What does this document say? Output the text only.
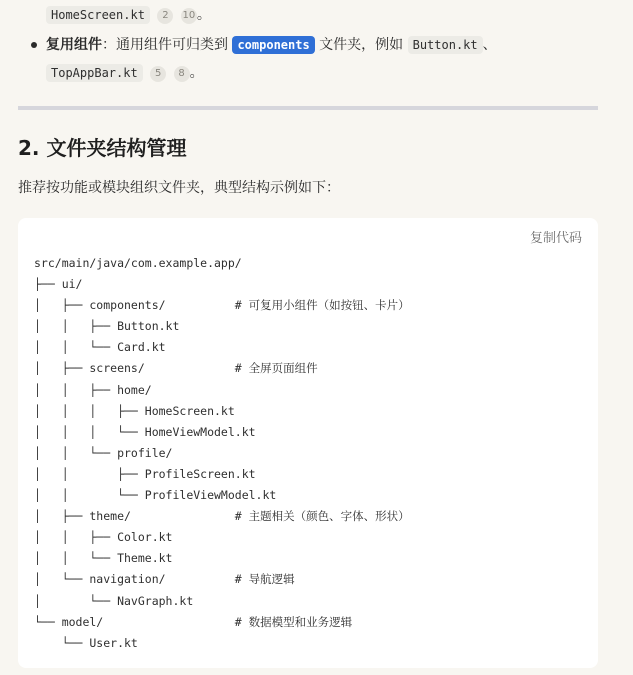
HomeScreen.kt 2 10 。
复用组件：通用组件可归类到 components 文件夹，例如 Button.kt 、
TopAppBar.kt 5 8 。
2. 文件夹结构管理
推荐按功能或模块组织文件夹，典型结构示例如下：
复制代码
src/main/java/com.example.app/
├── ui/
│   ├── components/          # 可复用小组件（如按钮、卡片）
│   │   ├── Button.kt
│   │   └── Card.kt
│   ├── screens/             # 全屏页面组件
│   │   ├── home/
│   │   │   ├── HomeScreen.kt
│   │   │   └── HomeViewModel.kt
│   │   └── profile/
│   │       ├── ProfileScreen.kt
│   │       └── ProfileViewModel.kt
│   ├── theme/               # 主题相关（颜色、字体、形状）
│   │   ├── Color.kt
│   │   └── Theme.kt
│   └── navigation/          # 导航逻辑
│       └── NavGraph.kt
└── model/                   # 数据模型和业务逻辑
└── User.kt
